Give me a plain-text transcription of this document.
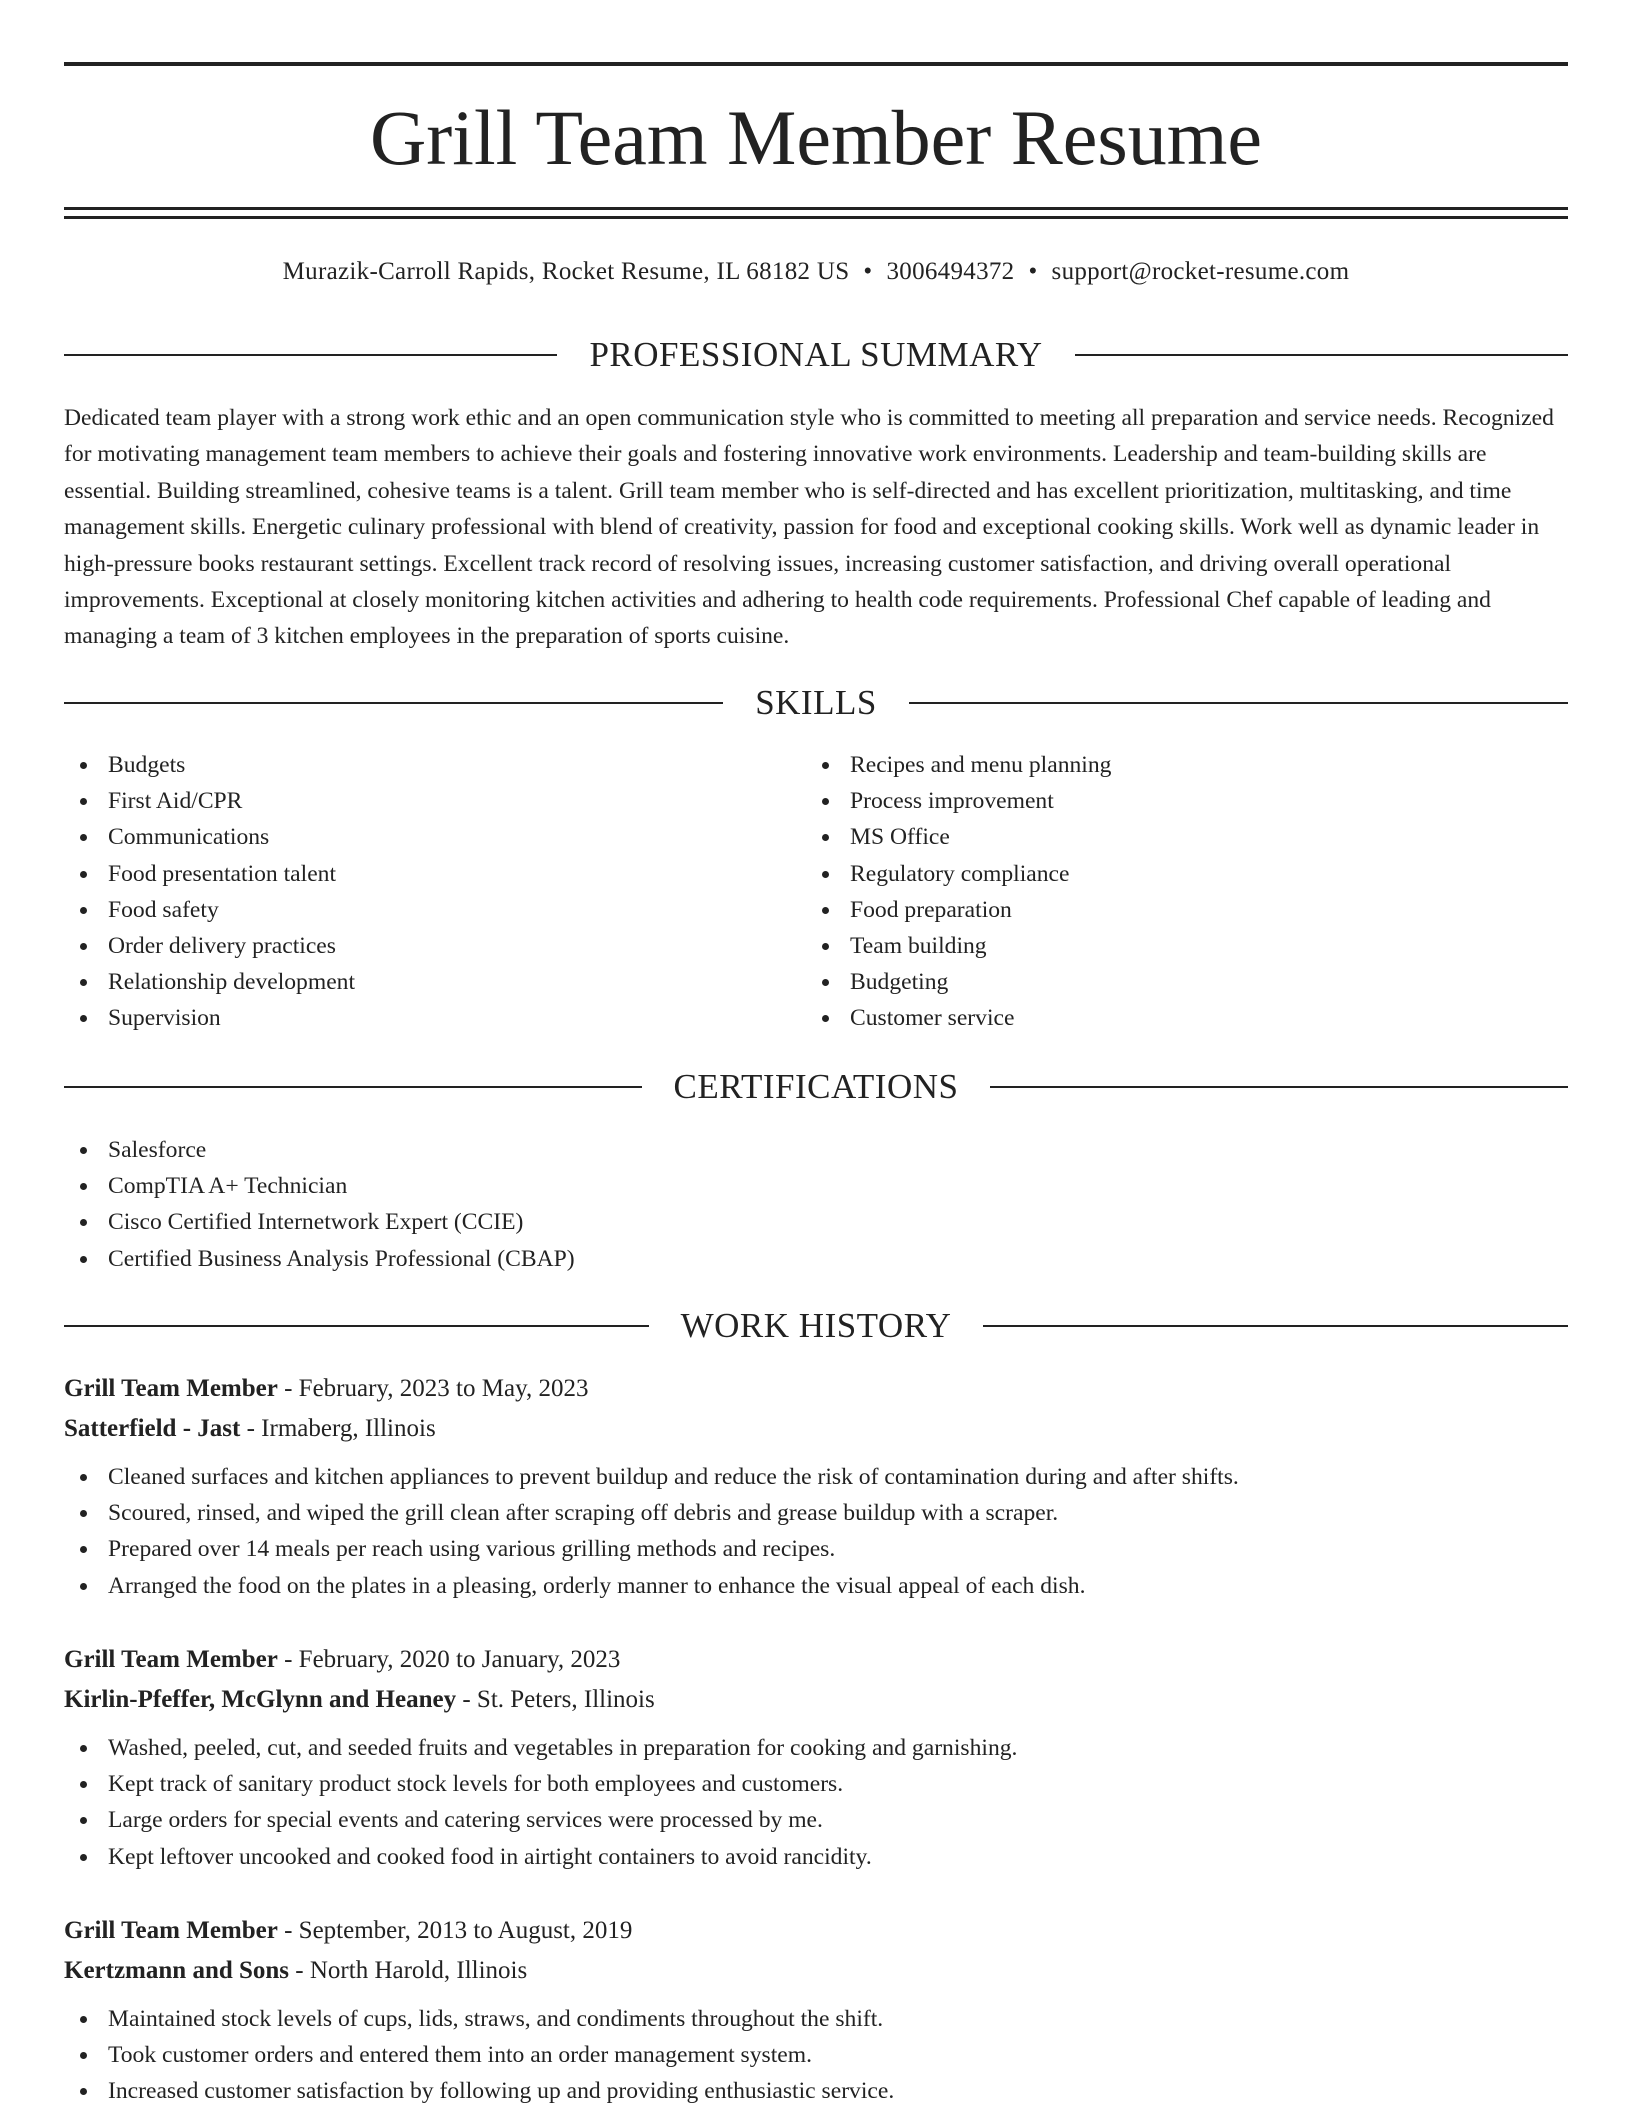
Grill Team Member Resume
Murazik-Carroll Rapids, Rocket Resume, IL 68182 US • 3006494372 • support@rocket-resume.com
PROFESSIONAL SUMMARY

Dedicated team player with a strong work ethic and an open communication style who is committed to meeting all preparation and service needs. Recognized for motivating management team members to achieve their goals and fostering innovative work environments. Leadership and team-building skills are essential. Building streamlined, cohesive teams is a talent. Grill team member who is self-directed and has excellent prioritization, multitasking, and time management skills. Energetic culinary professional with blend of creativity, passion for food and exceptional cooking skills. Work well as dynamic leader in high-pressure books restaurant settings. Excellent track record of resolving issues, increasing customer satisfaction, and driving overall operational improvements. Exceptional at closely monitoring kitchen activities and adhering to health code requirements. Professional Chef capable of leading and managing a team of 3 kitchen employees in the preparation of sports cuisine.

SKILLS
Budgets
First Aid/CPR
Communications
Food presentation talent
Food safety
Order delivery practices
Relationship development
Supervision
Recipes and menu planning
Process improvement
MS Office
Regulatory compliance
Food preparation
Team building
Budgeting
Customer service
CERTIFICATIONS
Salesforce
CompTIA A+ Technician
Cisco Certified Internetwork Expert (CCIE)
Certified Business Analysis Professional (CBAP)
WORK HISTORY
Grill Team Member - February, 2023 to May, 2023
Satterfield - Jast - Irmaberg, Illinois
Cleaned surfaces and kitchen appliances to prevent buildup and reduce the risk of contamination during and after shifts.
Scoured, rinsed, and wiped the grill clean after scraping off debris and grease buildup with a scraper.
Prepared over 14 meals per reach using various grilling methods and recipes.
Arranged the food on the plates in a pleasing, orderly manner to enhance the visual appeal of each dish.
Grill Team Member - February, 2020 to January, 2023
Kirlin-Pfeffer, McGlynn and Heaney - St. Peters, Illinois
Washed, peeled, cut, and seeded fruits and vegetables in preparation for cooking and garnishing.
Kept track of sanitary product stock levels for both employees and customers.
Large orders for special events and catering services were processed by me.
Kept leftover uncooked and cooked food in airtight containers to avoid rancidity.
Grill Team Member - September, 2013 to August, 2019
Kertzmann and Sons - North Harold, Illinois
Maintained stock levels of cups, lids, straws, and condiments throughout the shift.
Took customer orders and entered them into an order management system.
Increased customer satisfaction by following up and providing enthusiastic service.
